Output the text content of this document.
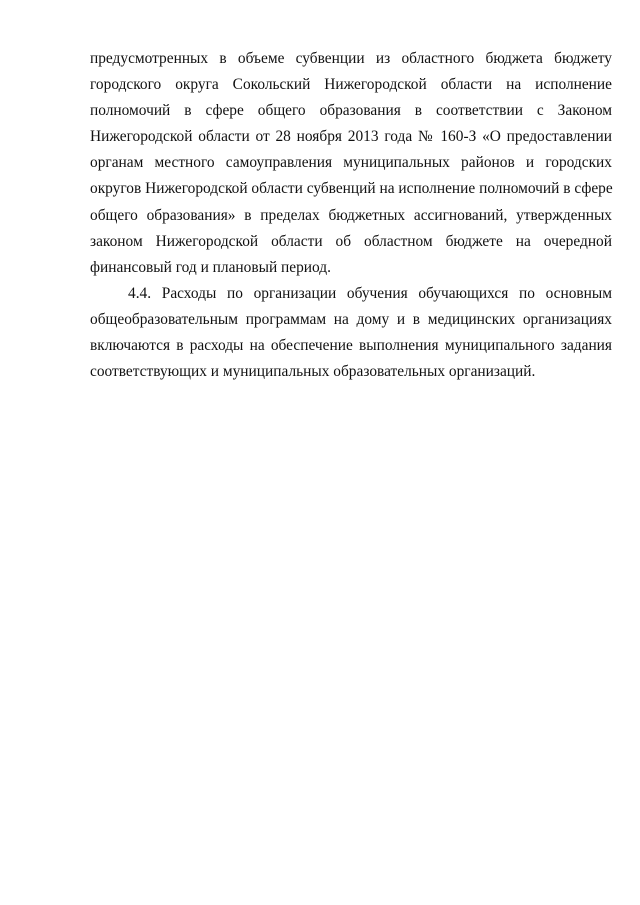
предусмотренных в объеме субвенции из областного бюджета бюджету
городского округа Сокольский Нижегородской области на исполнение
полномочий в сфере общего образования в соответствии с Законом
Нижегородской области от 28 ноября 2013 года № 160-З «О предоставлении
органам местного самоуправления муниципальных районов и городских
округов Нижегородской области субвенций на исполнение полномочий в сфере
общего образования» в пределах бюджетных ассигнований, утвержденных
законом Нижегородской области об областном бюджете на очередной
финансовый год и плановый период.
4.4. Расходы по организации обучения обучающихся по основным
общеобразовательным программам на дому и в медицинских организациях
включаются в расходы на обеспечение выполнения муниципального задания
соответствующих и муниципальных образовательных организаций.
